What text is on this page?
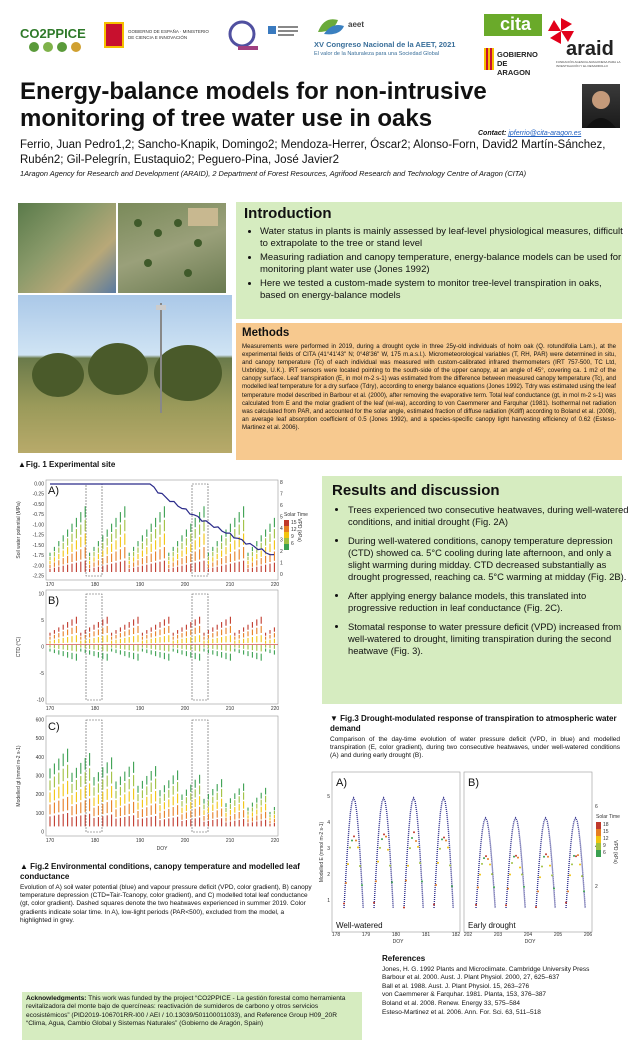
CO2PPICE	GOBIERNO DE ESPAÑA · MINISTERIO DE CIENCIA E INNOVACIÓN
aeet
XV Congreso Nacional de la AEET, 2021
El valor de la Naturaleza para una Sociedad Global
cita
GOBIERNO DE ARAGON
araid
FUNDACIÓN AGENCIA ARAGONESA PARA LA INVESTIGACIÓN Y EL DESARROLLO
Energy-balance models for non-intrusive monitoring of tree water use in oaks
Contact: jpferrio@cita-aragon.es
Ferrio, Juan Pedro1,2; Sancho-Knapik, Domingo2; Mendoza-Herrer, Óscar2; Alonso-Forn, David2 Martín-Sánchez, Rubén2; Gil-Pelegrín, Eustaquio2; Peguero-Pina, José Javier2
1Aragon Agency for Research and Development (ARAID), 2 Department of Forest Resources, Agrifood Research and Technology Centre of Aragon (CITA)
▲Fig. 1 Experimental site
Introduction
• Water status in plants is mainly assessed by leaf-level physiological measures, difficult to extrapolate to the tree or stand level
• Measuring radiation and canopy temperature, energy-balance models can be used for monitoring plant water use (Jones 1992)
• Here we tested a custom-made system to monitor tree-level transpiration in oaks, based on energy-balance models
Methods

Measurements were performed in 2019, during a drought cycle in three 25y-old individuals of holm oak (Q. rotundifolia Lam.), at the experimental fields of CITA (41°41'43" N; 0°48'36" W, 175 m.a.s.l.). Micrometeorological variables (T, RH, PAR) were determined in situ, and canopy temperature (Tc) of each individual was measured with custom-calibrated infrared thermometers (IRT 757-500, TC Ltd, Uxbridge, U.K.). IRT sensors were located pointing to the south-side of the upper canopy, at an angle of 45°, covering ca. 1 m2 of the canopy surface. Leaf transpiration (E, in mol m-2 s-1) was estimated from the difference between measured canopy temperature (Tc), and modelled leaf temperature for a dry surface (Tdry), according to energy balance equations (Jones 1992). Tdry was estimated using the leaf temperature model described in Barbour et al. (2000), after removing the evaporative term. Total leaf conductance (gt, in mol m-2 s-1) was calculated from E and the molar gradient of the leaf (wi-wa), according to von Caemmerer and Farquhar (1981). Isothermal net radiation was calculated from PAR, and accounted for the solar angle, estimated fraction of diffuse radiation (Kdiff) according to Boland et al. (2008), an average leaf absorption coefficient of 0.5 (Jones 1992), and a species-specific canopy light harvesting efficiency of 0.62 (Esteso-Martinez et al. 2006).

0.00
-0.25
-0.50
-0.75
-1.00
-1.25
-1.50
-1.75
-2.00
-2.25
170	180	190	200	210	220
10
5
0
-5
-10
170	180	190	200	210	220
600
500
400
300
200
100
0
170	180	190	200	210	220
8
7
6
5
4
3
2
1
0
15
12
9
6
A)
B)
C)
Soil water potential (MPa)
CTD (°C)
Modelled gt (mmol m-2 s-1)
VPD (kPa)
DOY
Solar Time
▲ Fig.2 Environmental conditions, canopy temperature and modelled leaf conductance
Evolution of A) soil water potential (blue) and vapour pressure deficit (VPD, color gradient), B) canopy temperature depression (CTD=Tair-Tcanopy, color gradient), and C) modelled total leaf conductance (gt, color gradient). Dashed squares denote the two heatwaves experienced in summer 2019. Color gradients indicate solar time. In A), low-light periods (PAR<500), excluded from the model, a highlighted in grey.
Results and discussion
• Trees experienced two consecutive heatwaves, during well-watered conditions, and initial drought (Fig. 2A)
• During well-watered conditions, canopy temperature depression (CTD) showed ca. 5°C cooling during late afternoon, and only a slight warming during midday. CTD decreased substantially as drought progressed, reaching ca. 5°C warming at midday (Fig. 2B).
• After applying energy balance models, this translated into progressive reduction in leaf conductance (Fig. 2C).
• Stomatal response to water pressure deficit (VPD) increased from well-watered to drought, limiting transpiration during the second heatwave (Fig. 3).
▼ Fig.3 Drought-modulated response of transpiration to atmospheric water demand
Comparison of the day-time evolution of water pressure deficit (VPD, in blue) and modelled transpiration (E, color gradient), during two consecutive heatwaves, under well-watered conditions (A) and during early drought (B).
178	179	180	181	182 202	203	204	205	206
5
4
3
2
1
6
2
18
15
12
9
6
A)	B)
Well-watered	Early drought
Modelled E (mmol m-2 s-1)	VPD (kPa)
DOY	DOY
Solar Time
Acknowledgments: This work was funded by the project “CO2PPICE - La gestión forestal como herramienta revitalizadora del monte bajo de quercíneas: reactivación de sumideros de carbono y otros servicios ecosistémicos” (PID2019-106701RR-I00 / AEI / 10.13039/501100011033), and Reference Group H09_20R “Clima, Agua, Cambio Global y Sistemas Naturales” (Gobierno de Aragón, Spain)
References
Jones, H. G. 1992 Plants and Microclimate. Cambridge University Press
Barbour et al. 2000. Aust. J. Plant Physiol. 2000, 27, 625–637
Ball et al. 1988. Aust. J. Plant Physiol. 15, 263–276
von Caemmerer & Farquhar. 1981. Planta, 153, 376–387
Boland et al. 2008. Renew. Energy 33, 575–584
Esteso-Martinez et al. 2006. Ann. For. Sci. 63, 511–518
